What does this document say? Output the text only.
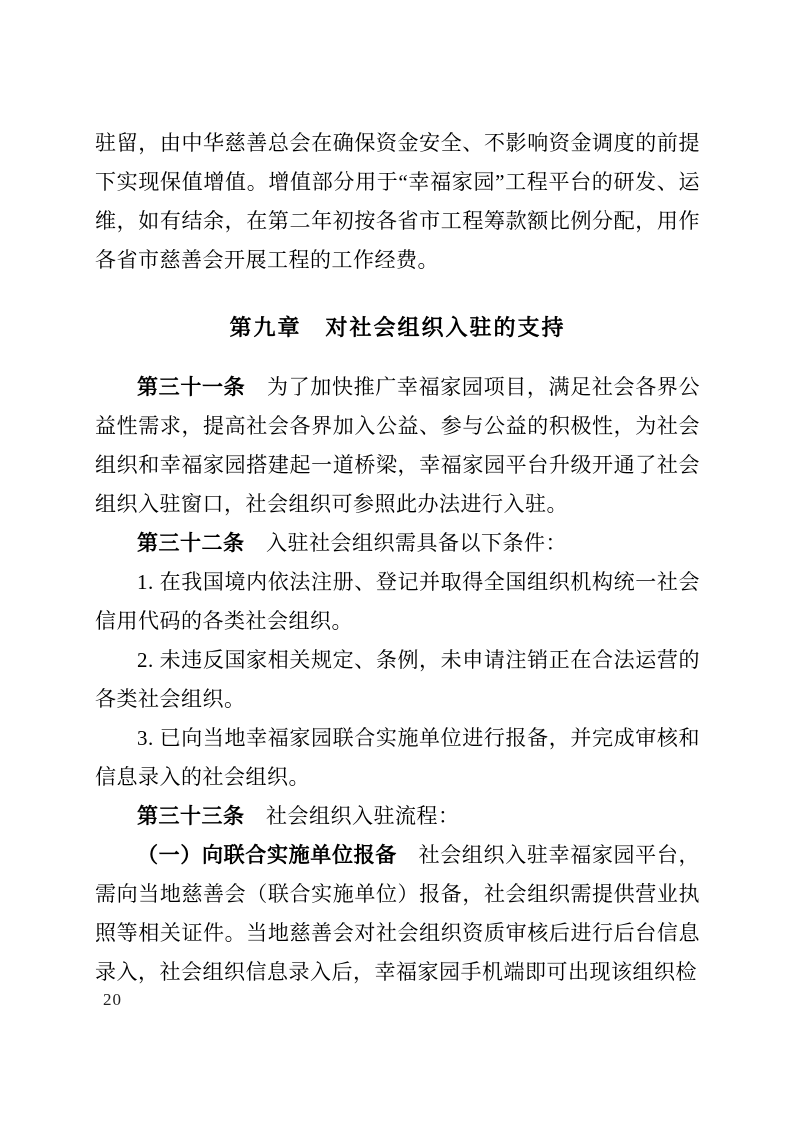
驻留，由中华慈善总会在确保资金安全、不影响资金调度的前提下实现保值增值。增值部分用于“幸福家园”工程平台的研发、运维，如有结余，在第二年初按各省市工程筹款额比例分配，用作各省市慈善会开展工程的工作经费。

第九章　对社会组织入驻的支持

第三十一条　为了加快推广幸福家园项目，满足社会各界公益性需求，提高社会各界加入公益、参与公益的积极性，为社会组织和幸福家园搭建起一道桥梁，幸福家园平台升级开通了社会组织入驻窗口，社会组织可参照此办法进行入驻。

第三十二条　入驻社会组织需具备以下条件：

1. 在我国境内依法注册、登记并取得全国组织机构统一社会信用代码的各类社会组织。

2. 未违反国家相关规定、条例，未申请注销正在合法运营的各类社会组织。

3. 已向当地幸福家园联合实施单位进行报备，并完成审核和信息录入的社会组织。

第三十三条　社会组织入驻流程：

（一）向联合实施单位报备　社会组织入驻幸福家园平台，需向当地慈善会（联合实施单位）报备，社会组织需提供营业执照等相关证件。当地慈善会对社会组织资质审核后进行后台信息录入，社会组织信息录入后，幸福家园手机端即可出现该组织检

20
